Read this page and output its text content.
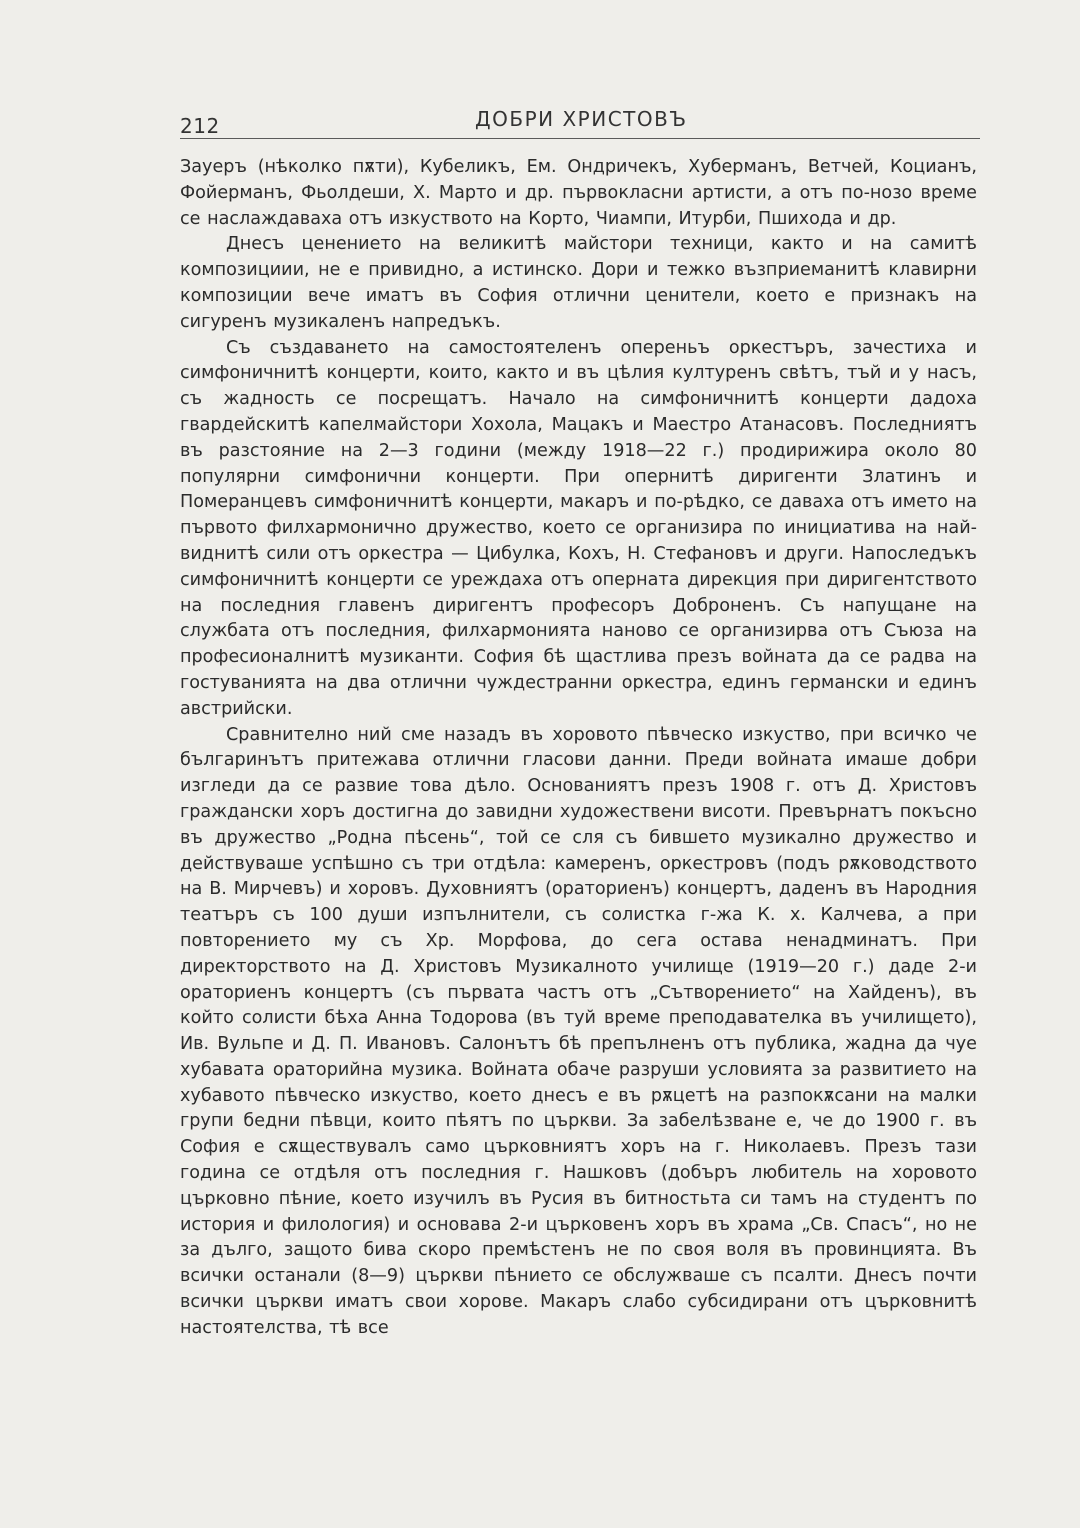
212	ДОБРИ ХРИСТОВЪ

Зауеръ (нѣколко пѫти), Кубеликъ, Ем. Ондричекъ, Хуберманъ, Ветчей, Коцианъ, Фойерманъ, Фьолдеши, Х. Марто и др. първокласни артисти, а отъ по-нозо време се наслаждаваха отъ изкуството на Корто, Чиампи, Итурби, Пшихода и др.

Днесъ ценението на великитѣ майстори техници, както и на самитѣ композициии, не е привидно, а истинско. Дори и тежко възприеманитѣ клавирни композиции вече иматъ въ София отлични ценители, което е признакъ на сигуренъ музикаленъ напредъкъ.

Съ създаването на самостоятеленъ опереньъ оркестъръ, зачестиха и симфоничнитѣ концерти, които, както и въ цѣлия културенъ свѣтъ, тъй и у насъ, съ жадность се посрещатъ. Начало на симфоничнитѣ концерти дадоха гвардейскитѣ капелмайстори Хохола, Мацакъ и Маестро Атанасовъ. Последниятъ въ разстояние на 2—3 години (между 1918—22 г.) продирижира около 80 популярни симфонични концерти. При опернитѣ диригенти Златинъ и Померанцевъ симфоничнитѣ концерти, макаръ и по-рѣдко, се даваха отъ името на първото филхармонично дружество, което се организира по инициатива на най-виднитѣ сили отъ оркестра — Цибулка, Кохъ, Н. Стефановъ и други. Напоследъкъ симфоничнитѣ концерти се уреждаха отъ оперната дирекция при диригентството на последния главенъ диригентъ професоръ Доброненъ. Съ напущане на службата отъ последния, филхармонията наново се организирва отъ Съюза на професионалнитѣ музиканти. София бѣ щастлива презъ войната да се радва на гостуванията на два отлични чуждестранни оркестра, единъ германски и единъ австрийски.

Сравнително ний сме назадъ въ хоровото пѣвческо изкуство, при всичко че българинътъ притежава отлични гласови данни. Преди войната имаше добри изгледи да се развие това дѣло. Основаниятъ презъ 1908 г. отъ Д. Христовъ граждански хоръ достигна до завидни художествени висоти. Превърнатъ покъсно въ дружество „Родна пѣсень“, той се сля съ бившето музикално дружество и действуваше успѣшно съ три отдѣла: камеренъ, оркестровъ (подъ рѫководството на В. Мирчевъ) и хоровъ. Духовниятъ (ораториенъ) концертъ, даденъ въ Народния театъръ съ 100 души изпълнители, съ солистка г-жа К. х. Калчева, а при повторението му съ Хр. Морфова, до сега остава ненадминатъ. При директорството на Д. Христовъ Музикалното училище (1919—20 г.) даде 2-и ораториенъ концертъ (съ първата частъ отъ „Сътворението“ на Хайденъ), въ който солисти бѣха Анна Тодорова (въ туй време преподавателка въ училището), Ив. Вульпе и Д. П. Ивановъ. Салонътъ бѣ препълненъ отъ публика, жадна да чуе хубавата ораторийна музика. Войната обаче разруши условията за развитието на хубавото пѣвческо изкуство, което днесъ е въ рѫцетѣ на разпокѫсани на малки групи бедни пѣвци, които пѣятъ по църкви. За забелѣзване е, че до 1900 г. въ София е сѫществувалъ само църковниятъ хоръ на г. Николаевъ. Презъ тази година се отдѣля отъ последния г. Нашковъ (добъръ любитель на хоровото църковно пѣние, което изучилъ въ Русия въ битностьта си тамъ на студентъ по история и филология) и основава 2-и църковенъ хоръ въ храма „Св. Спасъ“, но не за дълго, защото бива скоро премѣстенъ не по своя воля въ провинцията. Въ всички останали (8—9) църкви пѣнието се обслужваше съ псалти. Днесъ почти всички църкви иматъ свои хорове. Макаръ слабо субсидирани отъ църковнитѣ настоятелства, тѣ все
